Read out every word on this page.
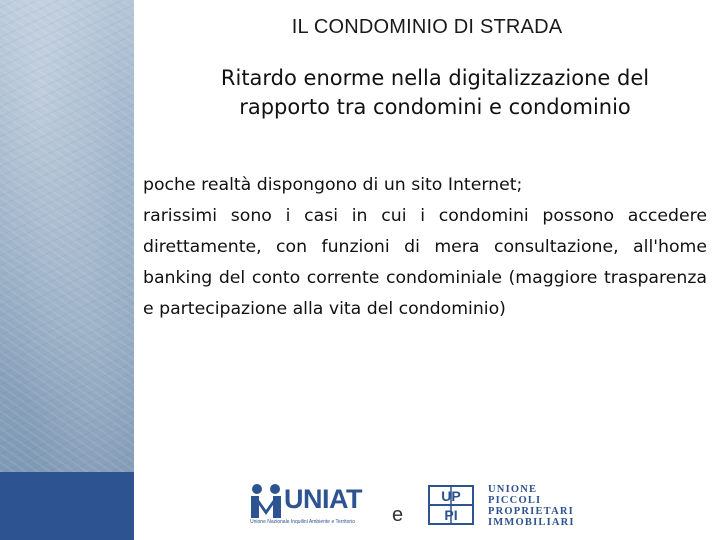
IL CONDOMINIO DI STRADA
Ritardo enorme nella digitalizzazione del
rapporto tra condomini e condominio
poche realtà dispongono di un sito Internet;
rarissimi sono i casi in cui i condomini possono accedere direttamente, con funzioni di mera consultazione, all'home banking del conto corrente condominiale (maggiore trasparenza e partecipazione alla vita del condominio)
UNIAT
Unione Nazionale Inquilini Ambiente e Territorio e
UP
PI
UNIONE
PICCOLI
PROPRIETARI
IMMOBILIARI
